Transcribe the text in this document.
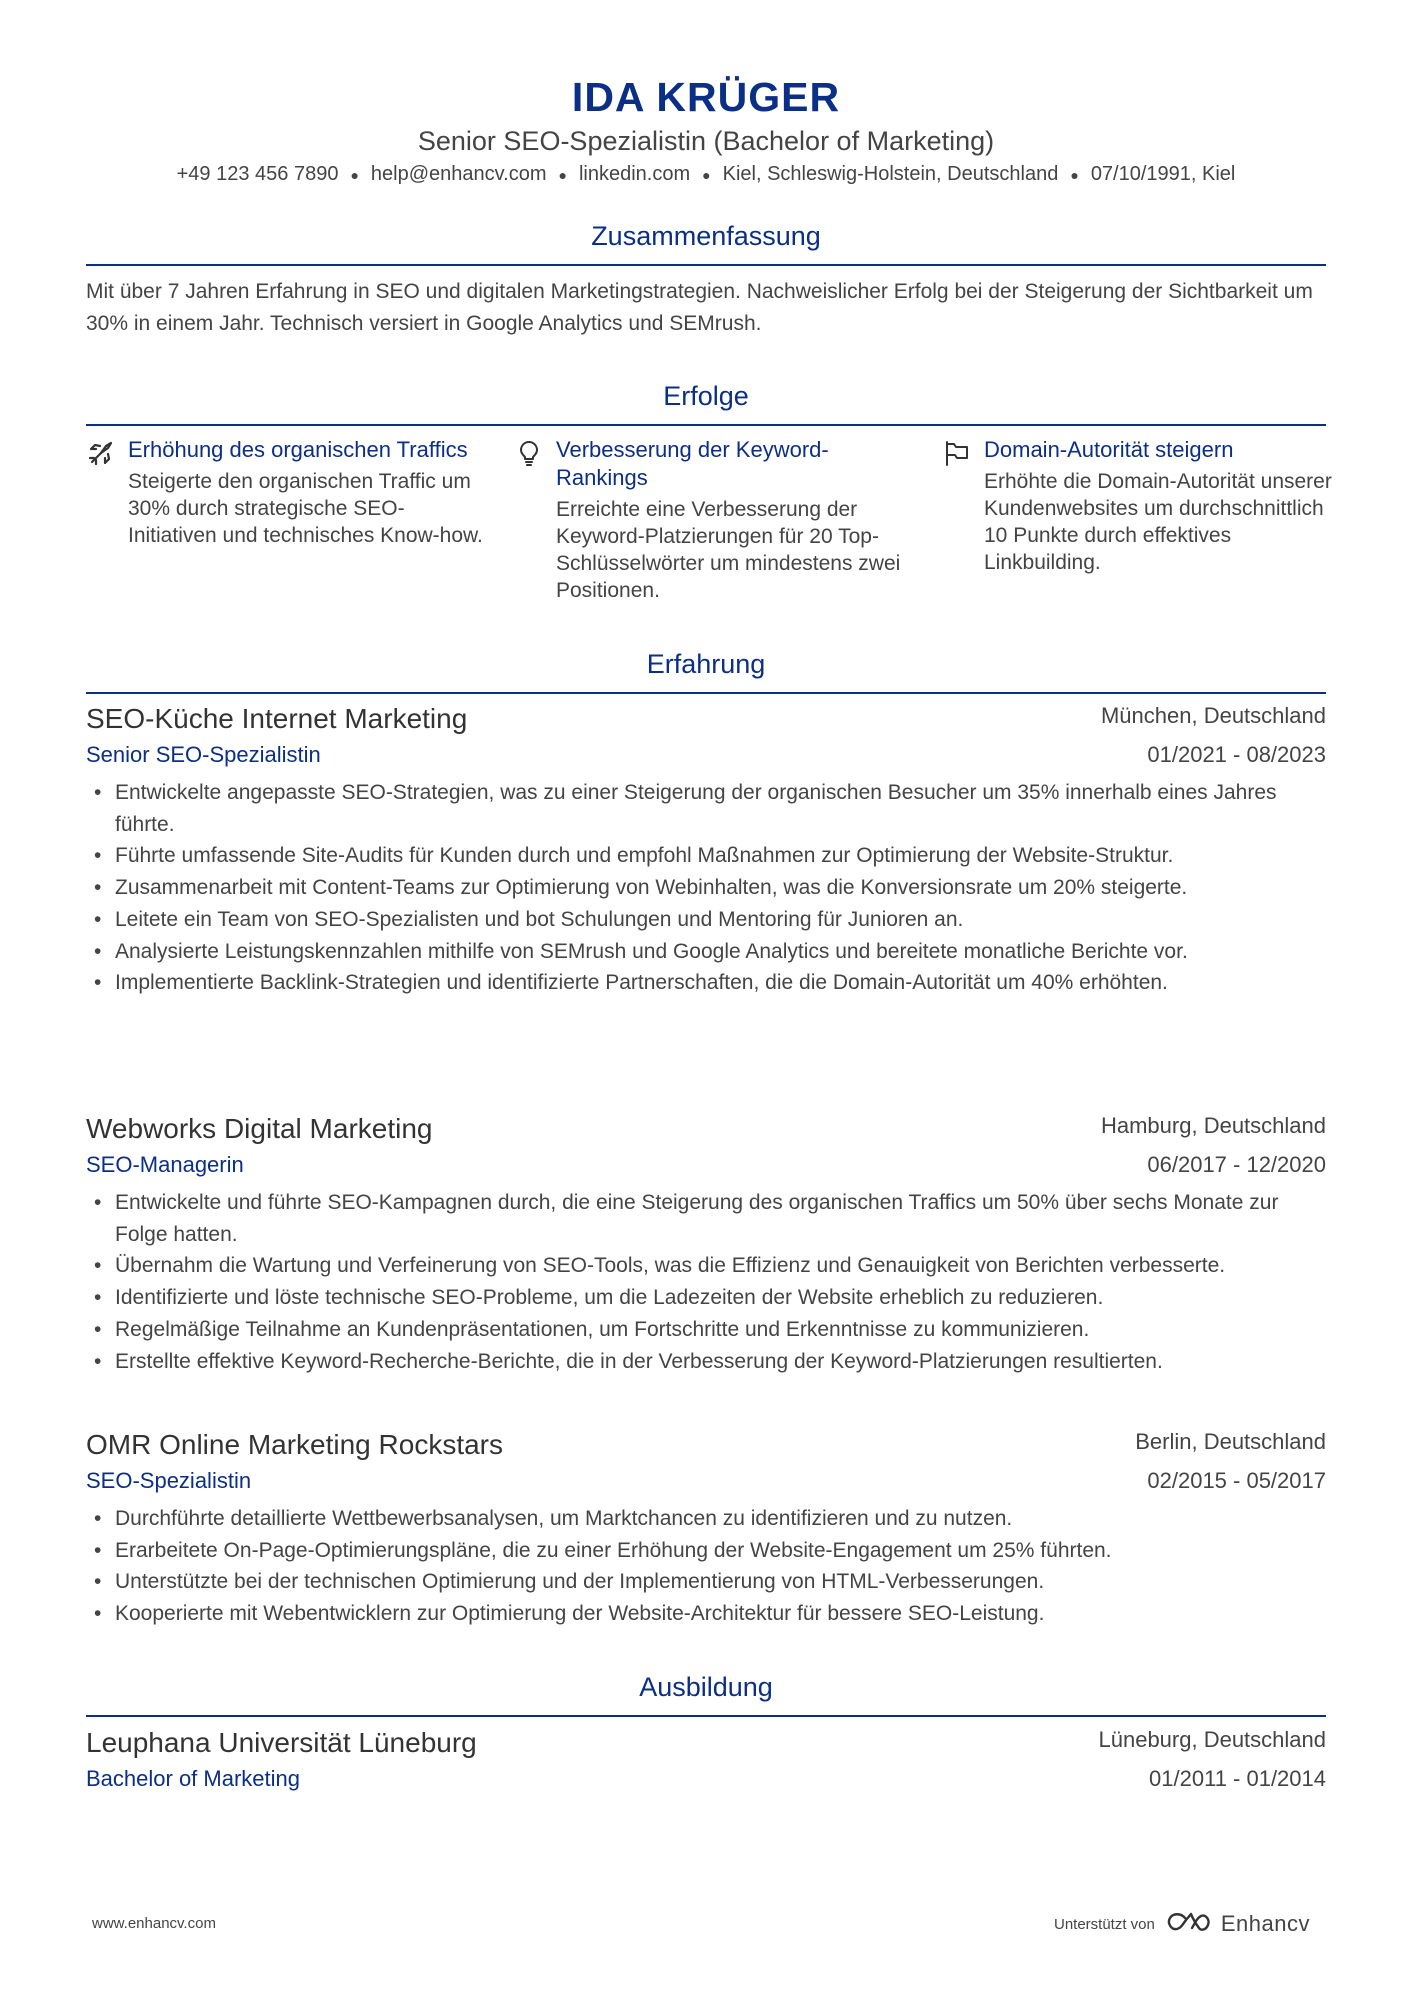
IDA KRÜGER
Senior SEO-Spezialistin (Bachelor of Marketing)
+49 123 456 7890 ● help@enhancv.com ● linkedin.com ● Kiel, Schleswig-Holstein, Deutschland ● 07/10/1991, Kiel
Zusammenfassung
Mit über 7 Jahren Erfahrung in SEO und digitalen Marketingstrategien. Nachweislicher Erfolg bei der Steigerung der Sichtbarkeit um 30% in einem Jahr. Technisch versiert in Google Analytics und SEMrush.
Erfolge
Erhöhung des organischen Traffics
Steigerte den organischen Traffic um 30% durch strategische SEO-Initiativen und technisches Know-how.
Verbesserung der Keyword-Rankings
Erreichte eine Verbesserung der Keyword-Platzierungen für 20 Top-Schlüsselwörter um mindestens zwei Positionen.
Domain-Autorität steigern
Erhöhte die Domain-Autorität unserer Kundenwebsites um durchschnittlich 10 Punkte durch effektives Linkbuilding.
Erfahrung
SEO-Küche Internet Marketing	München, Deutschland
Senior SEO-Spezialistin	01/2021 - 08/2023
• Entwickelte angepasste SEO-Strategien, was zu einer Steigerung der organischen Besucher um 35% innerhalb eines Jahres führte.
• Führte umfassende Site-Audits für Kunden durch und empfohl Maßnahmen zur Optimierung der Website-Struktur.
• Zusammenarbeit mit Content-Teams zur Optimierung von Webinhalten, was die Konversionsrate um 20% steigerte.
• Leitete ein Team von SEO-Spezialisten und bot Schulungen und Mentoring für Junioren an.
• Analysierte Leistungskennzahlen mithilfe von SEMrush und Google Analytics und bereitete monatliche Berichte vor.
• Implementierte Backlink-Strategien und identifizierte Partnerschaften, die die Domain-Autorität um 40% erhöhten.
Webworks Digital Marketing	Hamburg, Deutschland
SEO-Managerin	06/2017 - 12/2020
• Entwickelte und führte SEO-Kampagnen durch, die eine Steigerung des organischen Traffics um 50% über sechs Monate zur Folge hatten.
• Übernahm die Wartung und Verfeinerung von SEO-Tools, was die Effizienz und Genauigkeit von Berichten verbesserte.
• Identifizierte und löste technische SEO-Probleme, um die Ladezeiten der Website erheblich zu reduzieren.
• Regelmäßige Teilnahme an Kundenpräsentationen, um Fortschritte und Erkenntnisse zu kommunizieren.
• Erstellte effektive Keyword-Recherche-Berichte, die in der Verbesserung der Keyword-Platzierungen resultierten.
OMR Online Marketing Rockstars	Berlin, Deutschland
SEO-Spezialistin	02/2015 - 05/2017
• Durchführte detaillierte Wettbewerbsanalysen, um Marktchancen zu identifizieren und zu nutzen.
• Erarbeitete On-Page-Optimierungspläne, die zu einer Erhöhung der Website-Engagement um 25% führten.
• Unterstützte bei der technischen Optimierung und der Implementierung von HTML-Verbesserungen.
• Kooperierte mit Webentwicklern zur Optimierung der Website-Architektur für bessere SEO-Leistung.
Ausbildung
Leuphana Universität Lüneburg	Lüneburg, Deutschland
Bachelor of Marketing	01/2011 - 01/2014
www.enhancv.com	Unterstützt von	Enhancv
